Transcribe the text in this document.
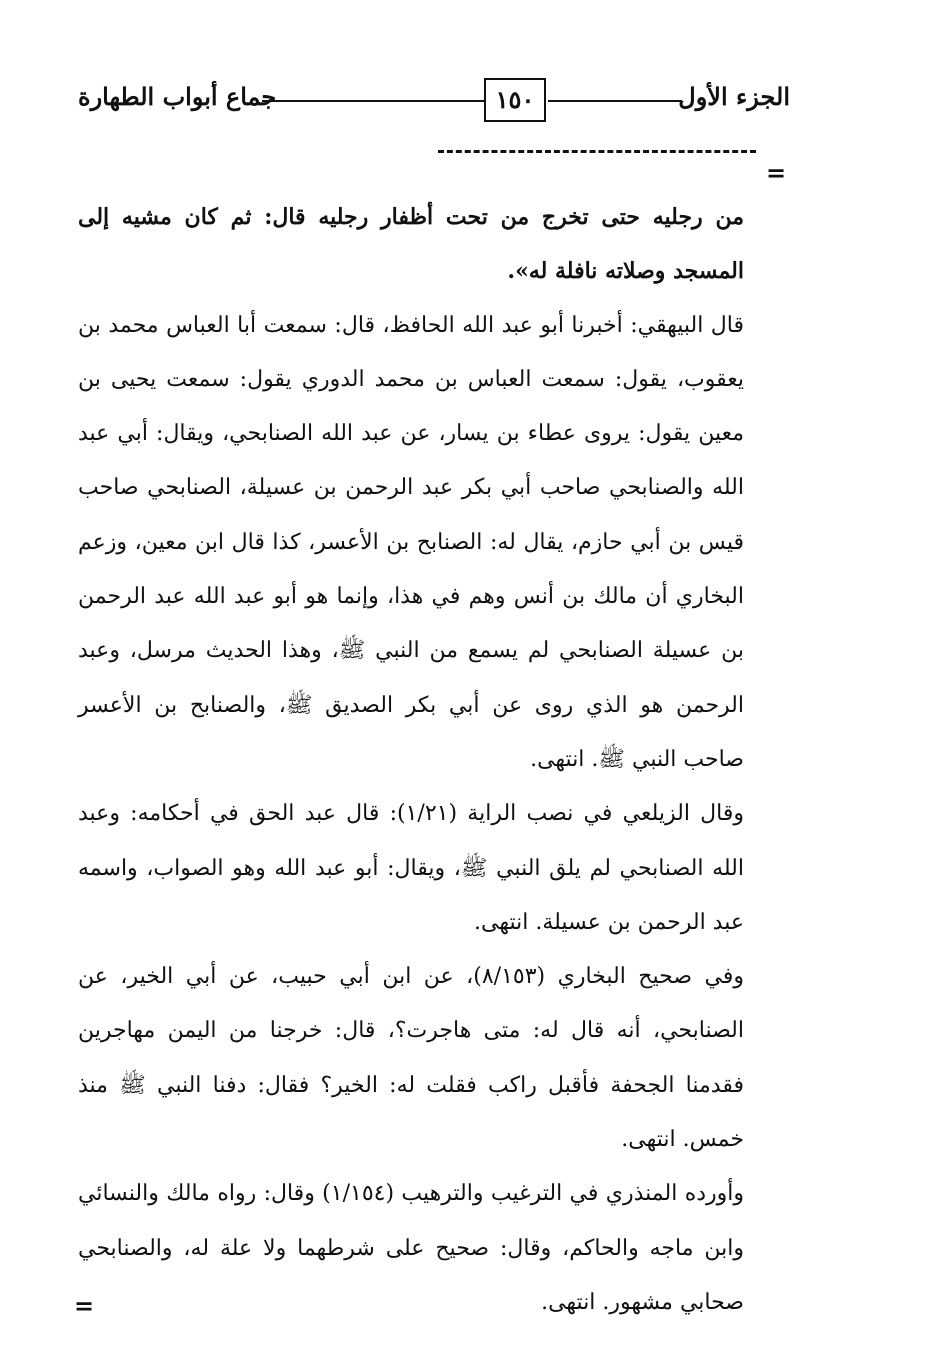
الجزء الأول
١٥٠
جماع أبواب الطهارة
=

من رجليه حتى تخرج من تحت أظفار رجليه قال: ثم كان مشيه إلى المسجد وصلاته نافلة له».

قال البيهقي: أخبرنا أبو عبد الله الحافظ، قال: سمعت أبا العباس محمد بن يعقوب، يقول: سمعت العباس بن محمد الدوري يقول: سمعت يحيى بن معين يقول: يروى عطاء بن يسار، عن عبد الله الصنابحي، ويقال: أبي عبد الله والصنابحي صاحب أبي بكر عبد الرحمن بن عسيلة، الصنابحي صاحب قيس بن أبي حازم، يقال له: الصنابح بن الأعسر، كذا قال ابن معين، وزعم البخاري أن مالك بن أنس وهم في هذا، وإنما هو أبو عبد الله عبد الرحمن بن عسيلة الصنابحي لم يسمع من النبي ﷺ، وهذا الحديث مرسل، وعبد الرحمن هو الذي روى عن أبي بكر الصديق ﷺ، والصنابح بن الأعسر صاحب النبي ﷺ. انتهى.

وقال الزيلعي في نصب الراية (١/٢١): قال عبد الحق في أحكامه: وعبد الله الصنابحي لم يلق النبي ﷺ، ويقال: أبو عبد الله وهو الصواب، واسمه عبد الرحمن بن عسيلة. انتهى.

وفي صحيح البخاري (٨/١٥٣)، عن ابن أبي حبيب، عن أبي الخير، عن الصنابحي، أنه قال له: متى هاجرت؟، قال: خرجنا من اليمن مهاجرين فقدمنا الجحفة فأقبل راكب فقلت له: الخير؟ فقال: دفنا النبي ﷺ منذ خمس. انتهى.

وأورده المنذري في الترغيب والترهيب (١/١٥٤) وقال: رواه مالك والنسائي وابن ماجه والحاكم، وقال: صحيح على شرطهما ولا علة له، والصنابحي صحابي مشهور. انتهى.

=
